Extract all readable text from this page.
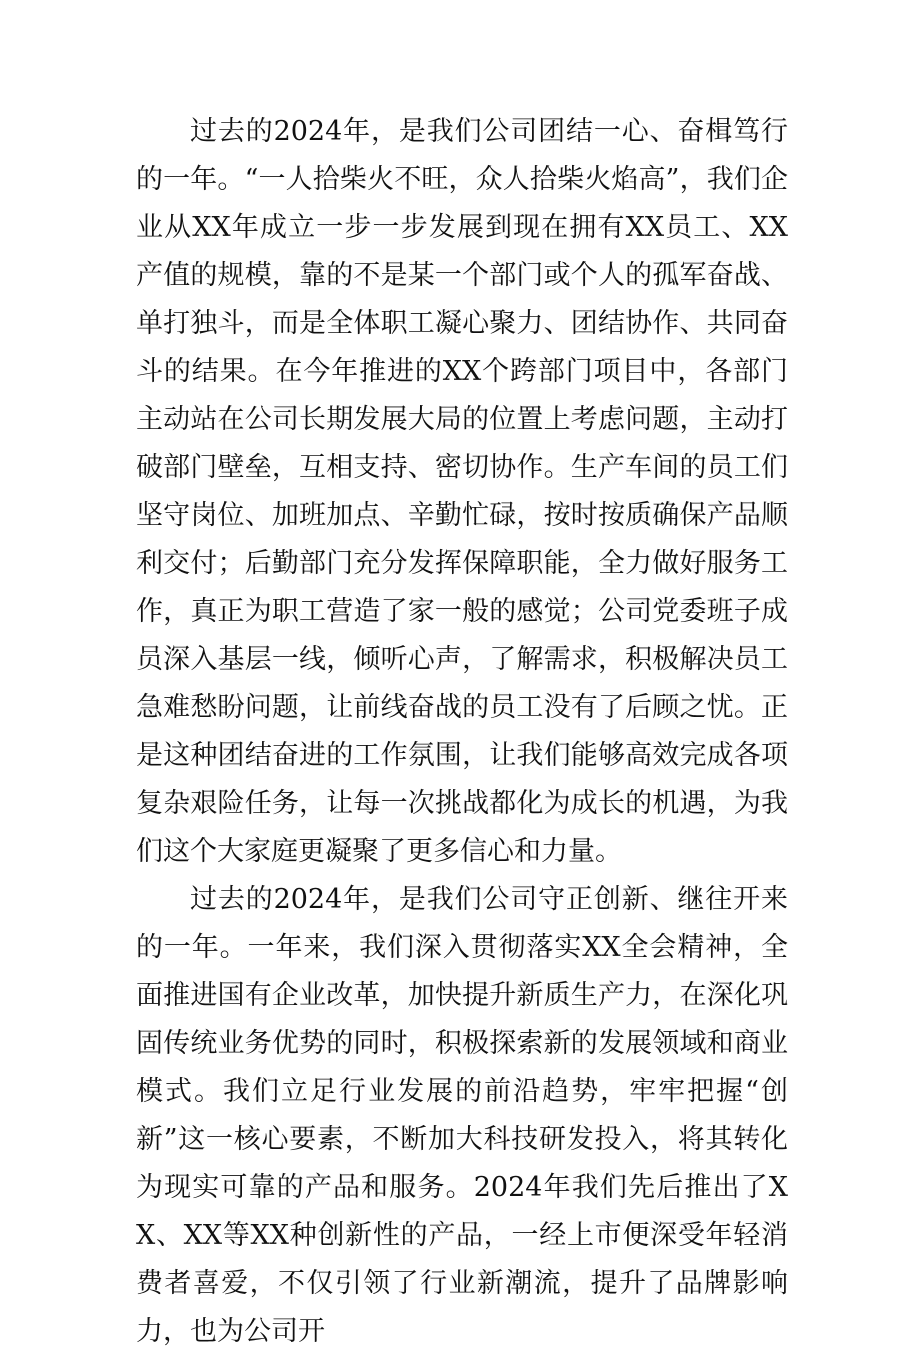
过去的2024年，是我们公司团结一心、奋楫笃行的一年。“一人拾柴火不旺，众人拾柴火焰高”，我们企业从XX年成立一步一步发展到现在拥有XX员工、XX产值的规模，靠的不是某一个部门或个人的孤军奋战、单打独斗，而是全体职工凝心聚力、团结协作、共同奋斗的结果。在今年推进的XX个跨部门项目中，各部门主动站在公司长期发展大局的位置上考虑问题，主动打破部门壁垒，互相支持、密切协作。生产车间的员工们坚守岗位、加班加点、辛勤忙碌，按时按质确保产品顺利交付；后勤部门充分发挥保障职能，全力做好服务工作，真正为职工营造了家一般的感觉；公司党委班子成员深入基层一线，倾听心声，了解需求，积极解决员工急难愁盼问题，让前线奋战的员工没有了后顾之忧。正是这种团结奋进的工作氛围，让我们能够高效完成各项复杂艰险任务，让每一次挑战都化为成长的机遇，为我们这个大家庭更凝聚了更多信心和力量。

过去的2024年，是我们公司守正创新、继往开来的一年。一年来，我们深入贯彻落实XX全会精神，全面推进国有企业改革，加快提升新质生产力，在深化巩固传统业务优势的同时，积极探索新的发展领域和商业模式。我们立足行业发展的前沿趋势，牢牢把握“创新”这一核心要素，不断加大科技研发投入，将其转化为现实可靠的产品和服务。2024年我们先后推出了XX、XX等XX种创新性的产品，一经上市便深受年轻消费者喜爱，不仅引领了行业新潮流，提升了品牌影响力，也为公司开
